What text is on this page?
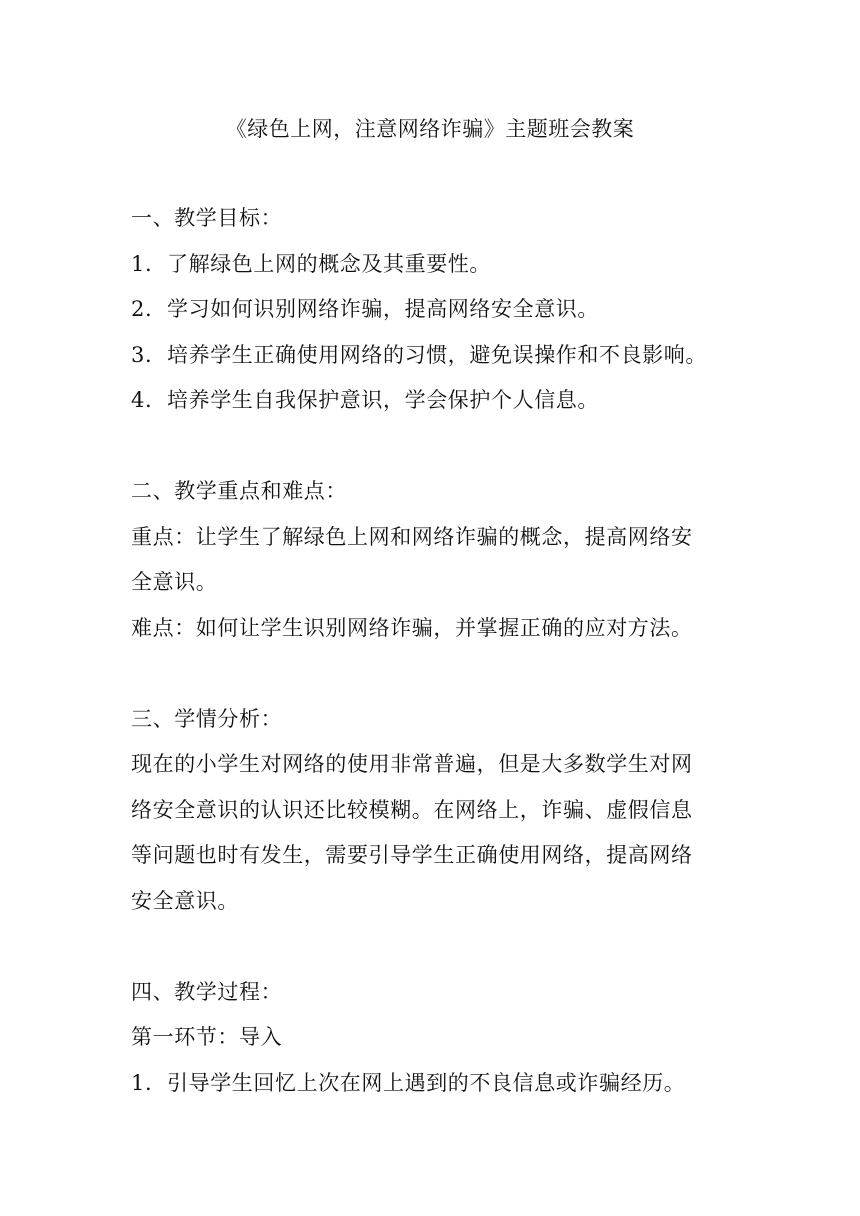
《绿色上网，注意网络诈骗》主题班会教案
一、教学目标：
1. 了解绿色上网的概念及其重要性。
2. 学习如何识别网络诈骗，提高网络安全意识。
3. 培养学生正确使用网络的习惯，避免误操作和不良影响。
4. 培养学生自我保护意识，学会保护个人信息。
二、教学重点和难点：
重点：让学生了解绿色上网和网络诈骗的概念，提高网络安
全意识。
难点：如何让学生识别网络诈骗，并掌握正确的应对方法。
三、学情分析：
现在的小学生对网络的使用非常普遍，但是大多数学生对网
络安全意识的认识还比较模糊。在网络上，诈骗、虚假信息
等问题也时有发生，需要引导学生正确使用网络，提高网络
安全意识。
四、教学过程：
第一环节：导入
1. 引导学生回忆上次在网上遇到的不良信息或诈骗经历。
